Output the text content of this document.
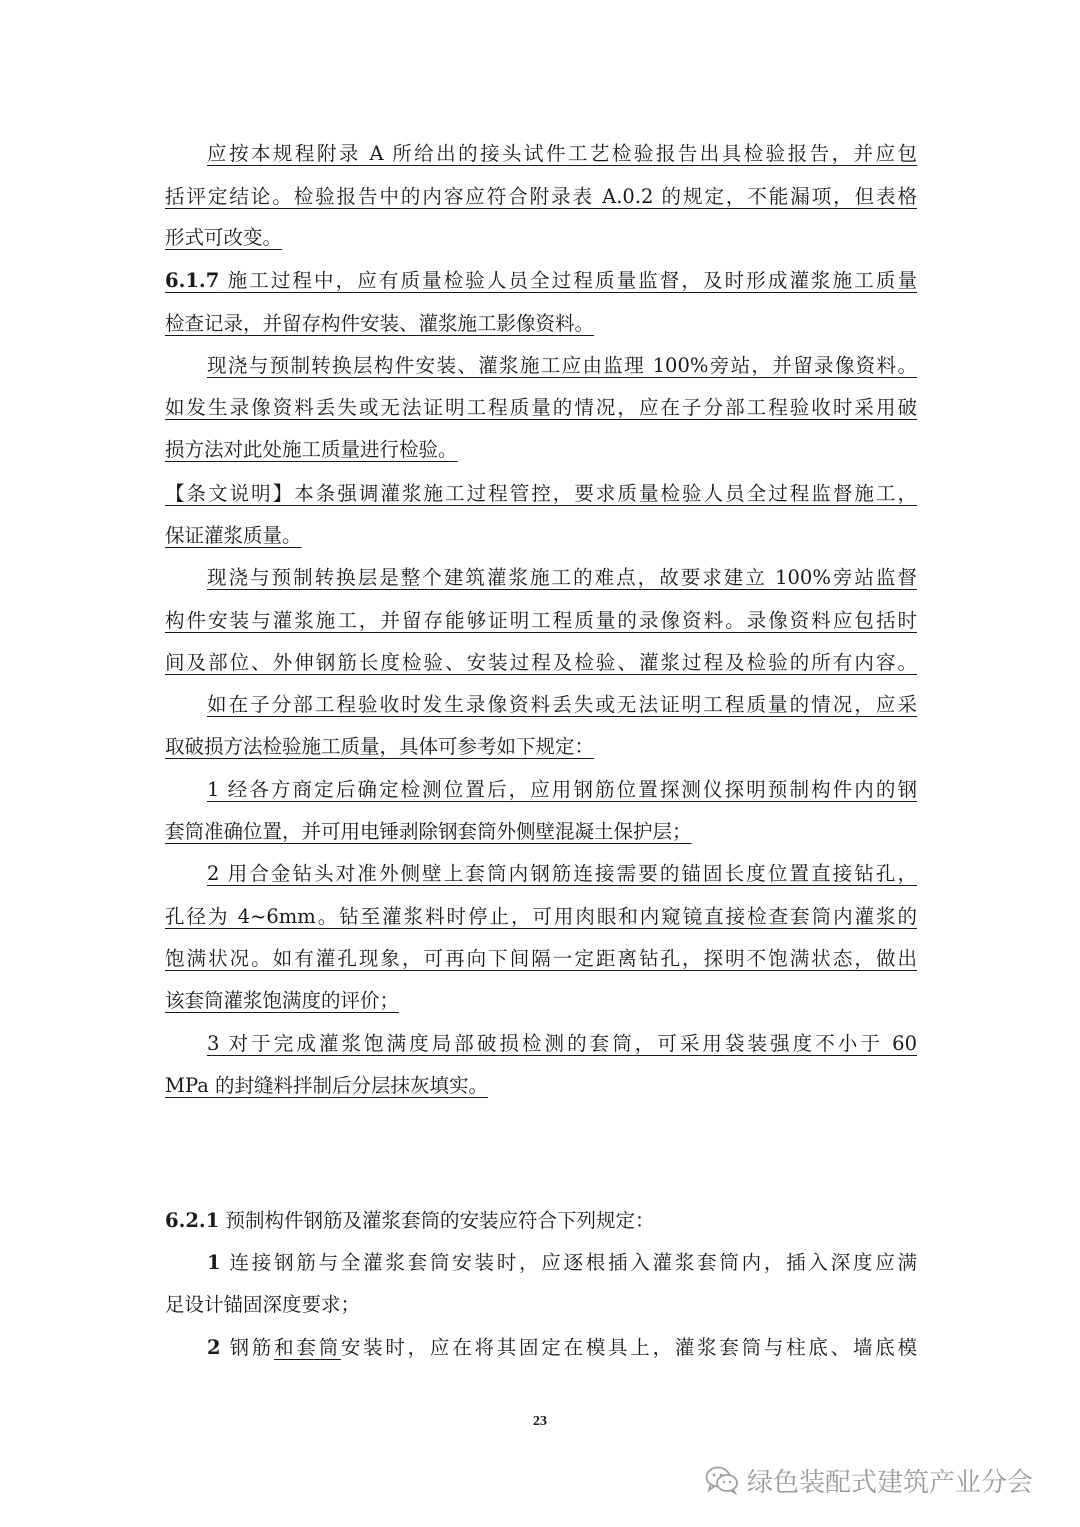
应按本规程附录 A 所给出的接头试件工艺检验报告出具检验报告，并应包
括评定结论。检验报告中的内容应符合附录表 A.0.2 的规定，不能漏项，但表格
形式可改变。
6.1.7 施工过程中，应有质量检验人员全过程质量监督，及时形成灌浆施工质量
检查记录，并留存构件安装、灌浆施工影像资料。
现浇与预制转换层构件安装、灌浆施工应由监理 100%旁站，并留录像资料。
如发生录像资料丢失或无法证明工程质量的情况，应在子分部工程验收时采用破
损方法对此处施工质量进行检验。
【条文说明】本条强调灌浆施工过程管控，要求质量检验人员全过程监督施工，
保证灌浆质量。
现浇与预制转换层是整个建筑灌浆施工的难点，故要求建立 100%旁站监督
构件安装与灌浆施工，并留存能够证明工程质量的录像资料。录像资料应包括时
间及部位、外伸钢筋长度检验、安装过程及检验、灌浆过程及检验的所有内容。
如在子分部工程验收时发生录像资料丢失或无法证明工程质量的情况，应采
取破损方法检验施工质量，具体可参考如下规定：
1 经各方商定后确定检测位置后，应用钢筋位置探测仪探明预制构件内的钢
套筒准确位置，并可用电锤剥除钢套筒外侧壁混凝土保护层；
2 用合金钻头对准外侧壁上套筒内钢筋连接需要的锚固长度位置直接钻孔，
孔径为 4~6mm。钻至灌浆料时停止，可用肉眼和内窥镜直接检查套筒内灌浆的
饱满状况。如有灌孔现象，可再向下间隔一定距离钻孔，探明不饱满状态，做出
该套筒灌浆饱满度的评价；
3 对于完成灌浆饱满度局部破损检测的套筒，可采用袋装强度不小于 60
MPa 的封缝料拌制后分层抹灰填实。
6.2.1 预制构件钢筋及灌浆套筒的安装应符合下列规定：
1 连接钢筋与全灌浆套筒安装时，应逐根插入灌浆套筒内，插入深度应满
足设计锚固深度要求；
2 钢筋和套筒安装时，应在将其固定在模具上，灌浆套筒与柱底、墙底模
23
绿色装配式建筑产业分会
